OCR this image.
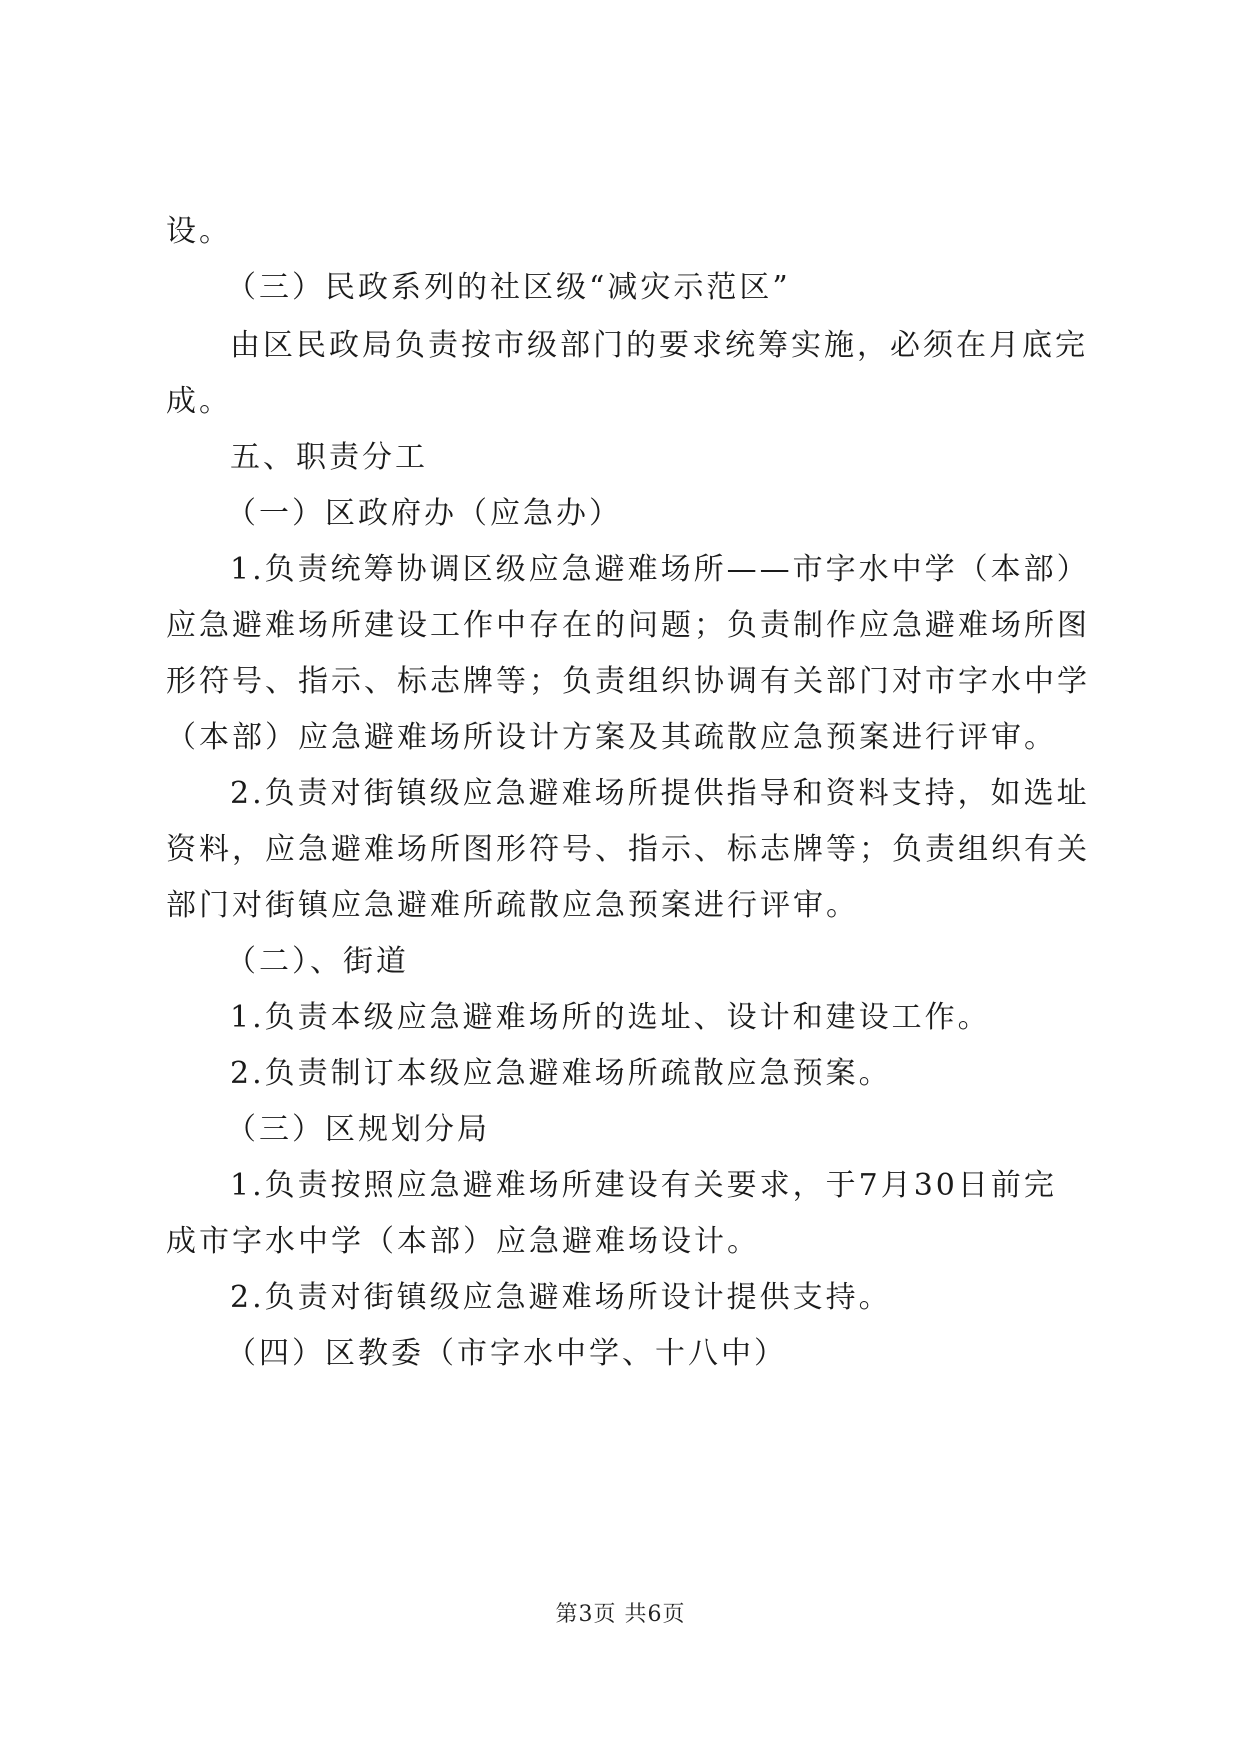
设。
（三）民政系列的社区级“减灾示范区”
由区民政局负责按市级部门的要求统筹实施，必须在月底完
成。
五、职责分工
（一）区政府办（应急办）
1.负责统筹协调区级应急避难场所——市字水中学（本部）
应急避难场所建设工作中存在的问题；负责制作应急避难场所图
形符号、指示、标志牌等；负责组织协调有关部门对市字水中学
（本部）应急避难场所设计方案及其疏散应急预案进行评审。
2.负责对街镇级应急避难场所提供指导和资料支持，如选址
资料，应急避难场所图形符号、指示、标志牌等；负责组织有关
部门对街镇应急避难所疏散应急预案进行评审。
（二）、街道
1.负责本级应急避难场所的选址、设计和建设工作。
2.负责制订本级应急避难场所疏散应急预案。
（三）区规划分局
1.负责按照应急避难场所建设有关要求，于7月30日前完
成市字水中学（本部）应急避难场设计。
2.负责对街镇级应急避难场所设计提供支持。
（四）区教委（市字水中学、十八中）
第3页 共6页
